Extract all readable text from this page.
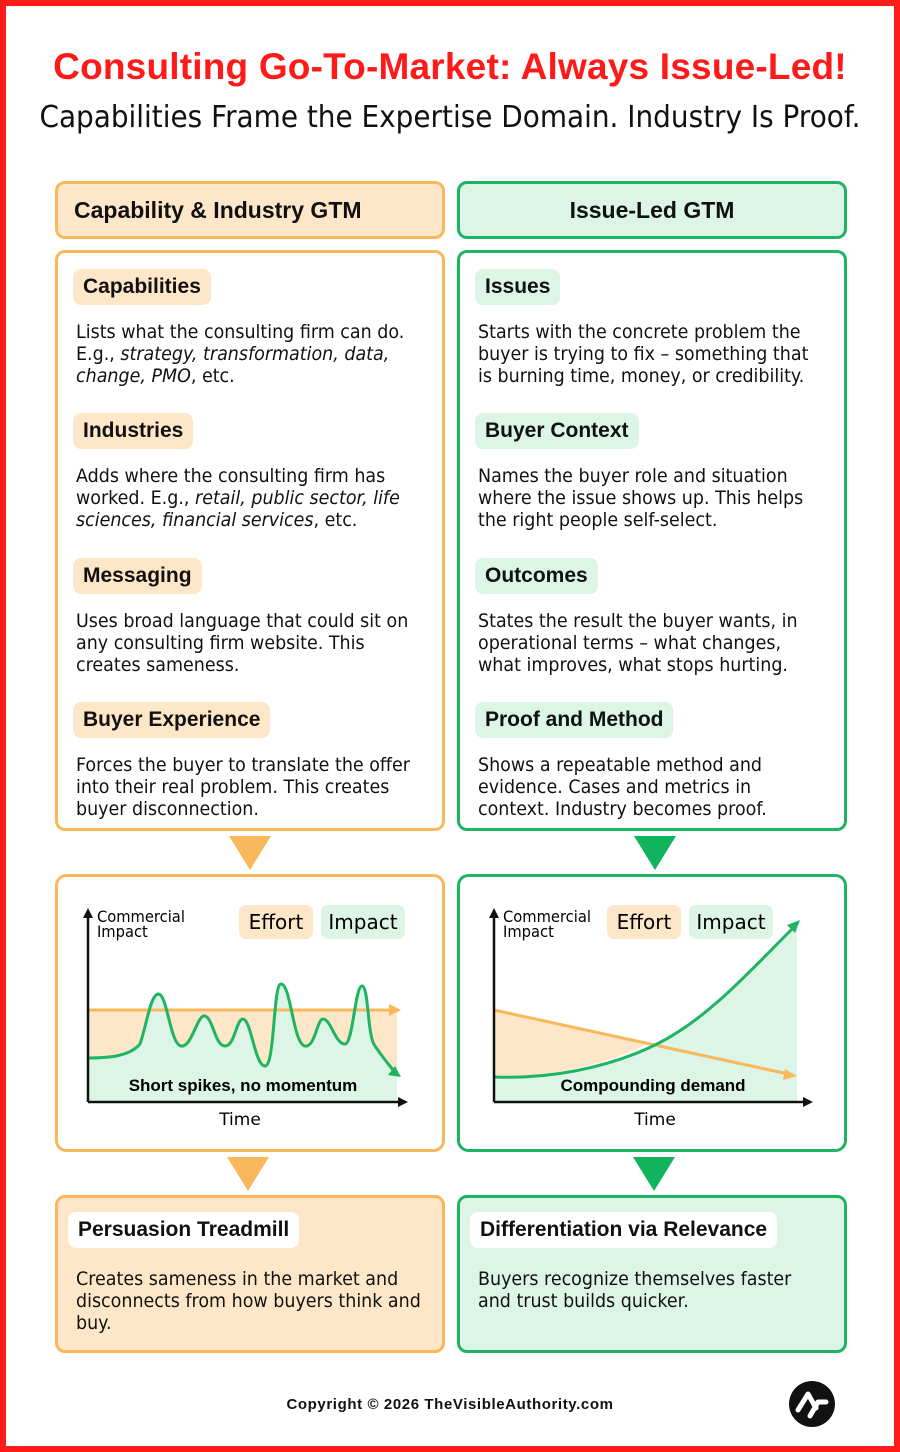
Consulting Go-To-Market: Always Issue-Led!
Capabilities Frame the Expertise Domain. Industry Is Proof.
Capability & Industry GTM	Issue-Led GTM
Capabilities
Lists what the consulting firm can do. E.g., strategy, transformation, data, change, PMO, etc.
Industries
Adds where the consulting firm has worked. E.g., retail, public sector, life sciences, financial services, etc.
Messaging
Uses broad language that could sit on any consulting firm website. This creates sameness.
Buyer Experience
Forces the buyer to translate the offer into their real problem. This creates buyer disconnection.
Issues
Starts with the concrete problem the buyer is trying to fix – something that is burning time, money, or credibility.
Buyer Context
Names the buyer role and situation where the issue shows up. This helps the right people self-select.
Outcomes
States the result the buyer wants, in operational terms – what changes, what improves, what stops hurting.
Proof and Method
Shows a repeatable method and evidence. Cases and metrics in context. Industry becomes proof.
Commercial
Impact	Effort Impact
Short spikes, no momentum
Time
Commercial
Impact	Effort Impact
Compounding demand
Time
Persuasion Treadmill
Creates sameness in the market and disconnects from how buyers think and buy.
Differentiation via Relevance
Buyers recognize themselves faster and trust builds quicker.
Copyright © 2026 TheVisibleAuthority.com
